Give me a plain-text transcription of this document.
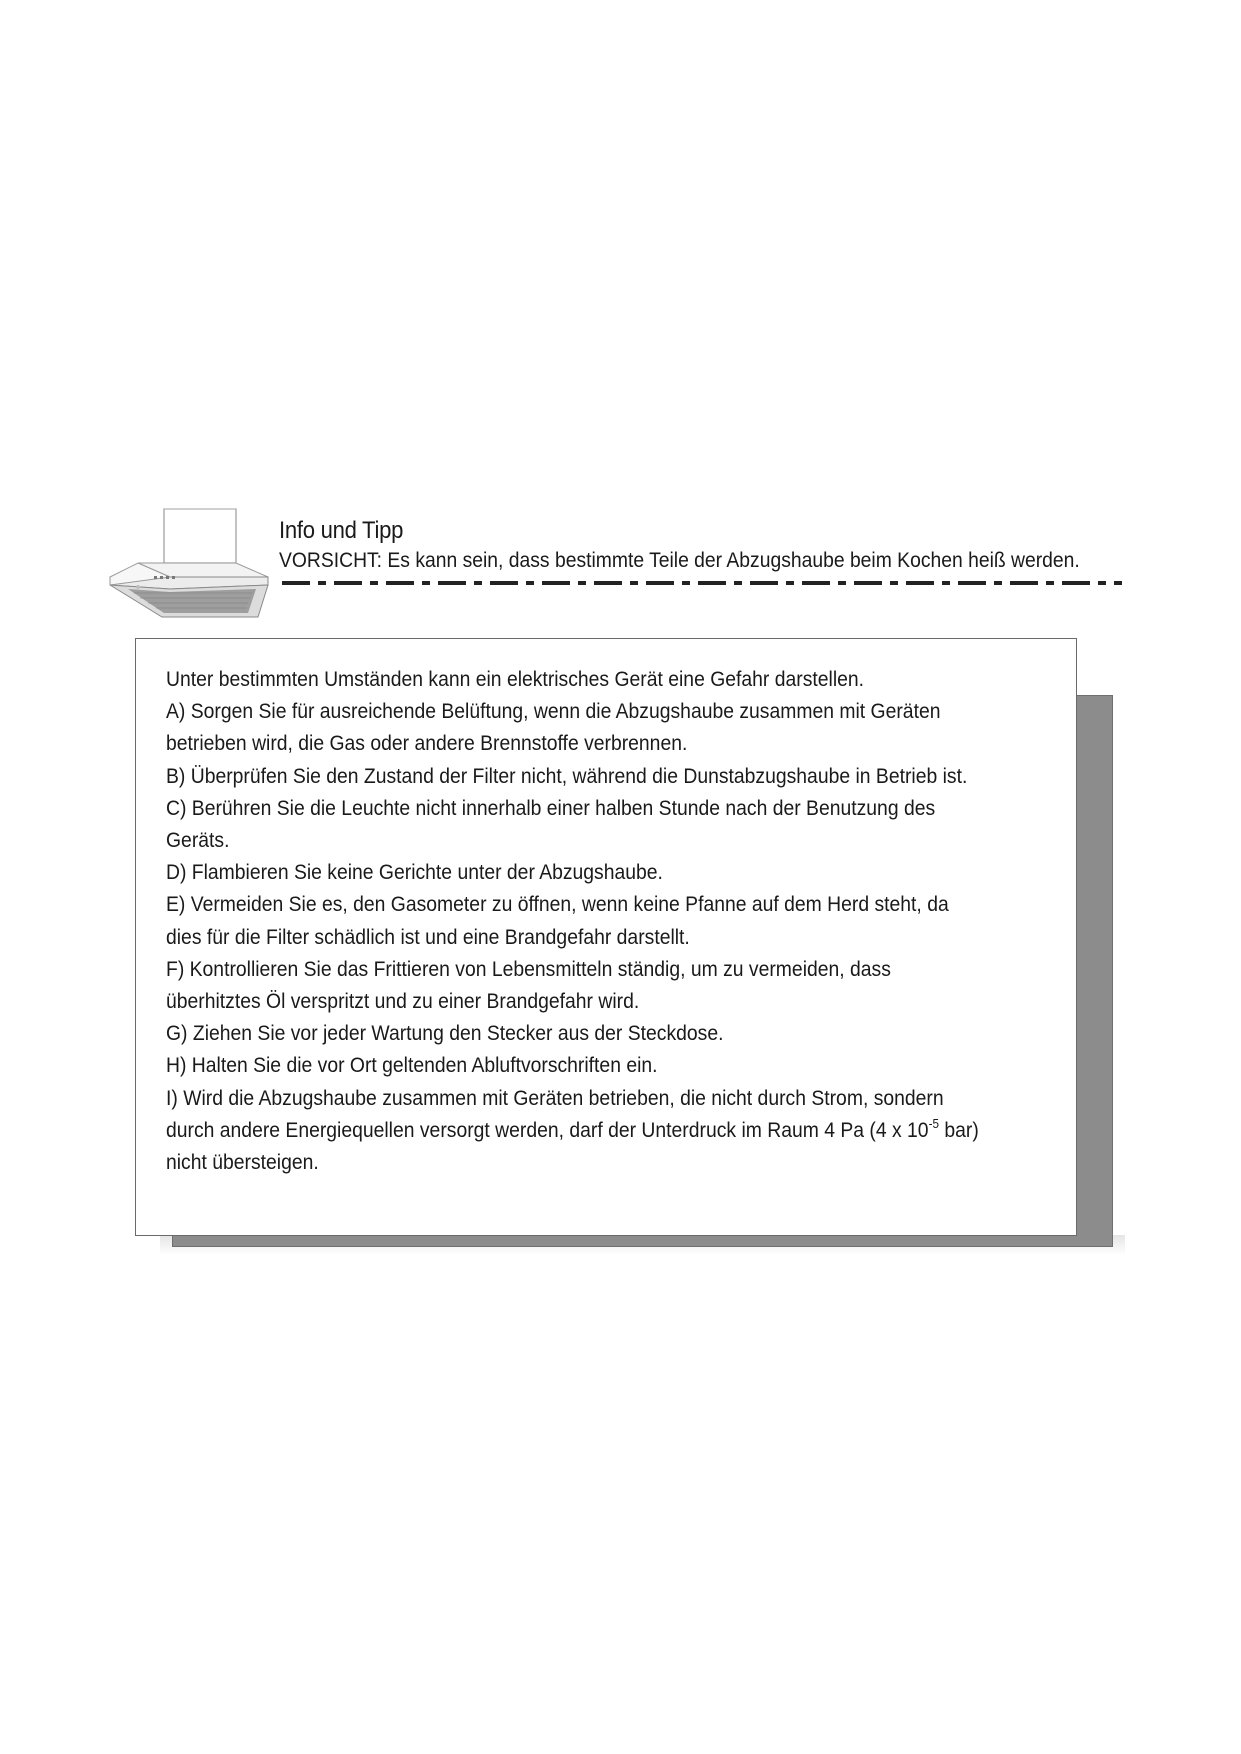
Info und Tipp
VORSICHT: Es kann sein, dass bestimmte Teile der Abzugshaube beim Kochen heiß werden.

Unter bestimmten Umständen kann ein elektrisches Gerät eine Gefahr darstellen.

A) Sorgen Sie für ausreichende Belüftung, wenn die Abzugshaube zusammen mit Geräten

betrieben wird, die Gas oder andere Brennstoffe verbrennen.

B) Überprüfen Sie den Zustand der Filter nicht, während die Dunstabzugshaube in Betrieb ist.

C) Berühren Sie die Leuchte nicht innerhalb einer halben Stunde nach der Benutzung des

Geräts.

D) Flambieren Sie keine Gerichte unter der Abzugshaube.

E) Vermeiden Sie es, den Gasometer zu öffnen, wenn keine Pfanne auf dem Herd steht, da

dies für die Filter schädlich ist und eine Brandgefahr darstellt.

F) Kontrollieren Sie das Frittieren von Lebensmitteln ständig, um zu vermeiden, dass

überhitztes Öl verspritzt und zu einer Brandgefahr wird.

G) Ziehen Sie vor jeder Wartung den Stecker aus der Steckdose.

H) Halten Sie die vor Ort geltenden Abluftvorschriften ein.

I) Wird die Abzugshaube zusammen mit Geräten betrieben, die nicht durch Strom, sondern

durch andere Energiequellen versorgt werden, darf der Unterdruck im Raum 4 Pa (4 x $10^{-5}$ bar)

nicht übersteigen.
